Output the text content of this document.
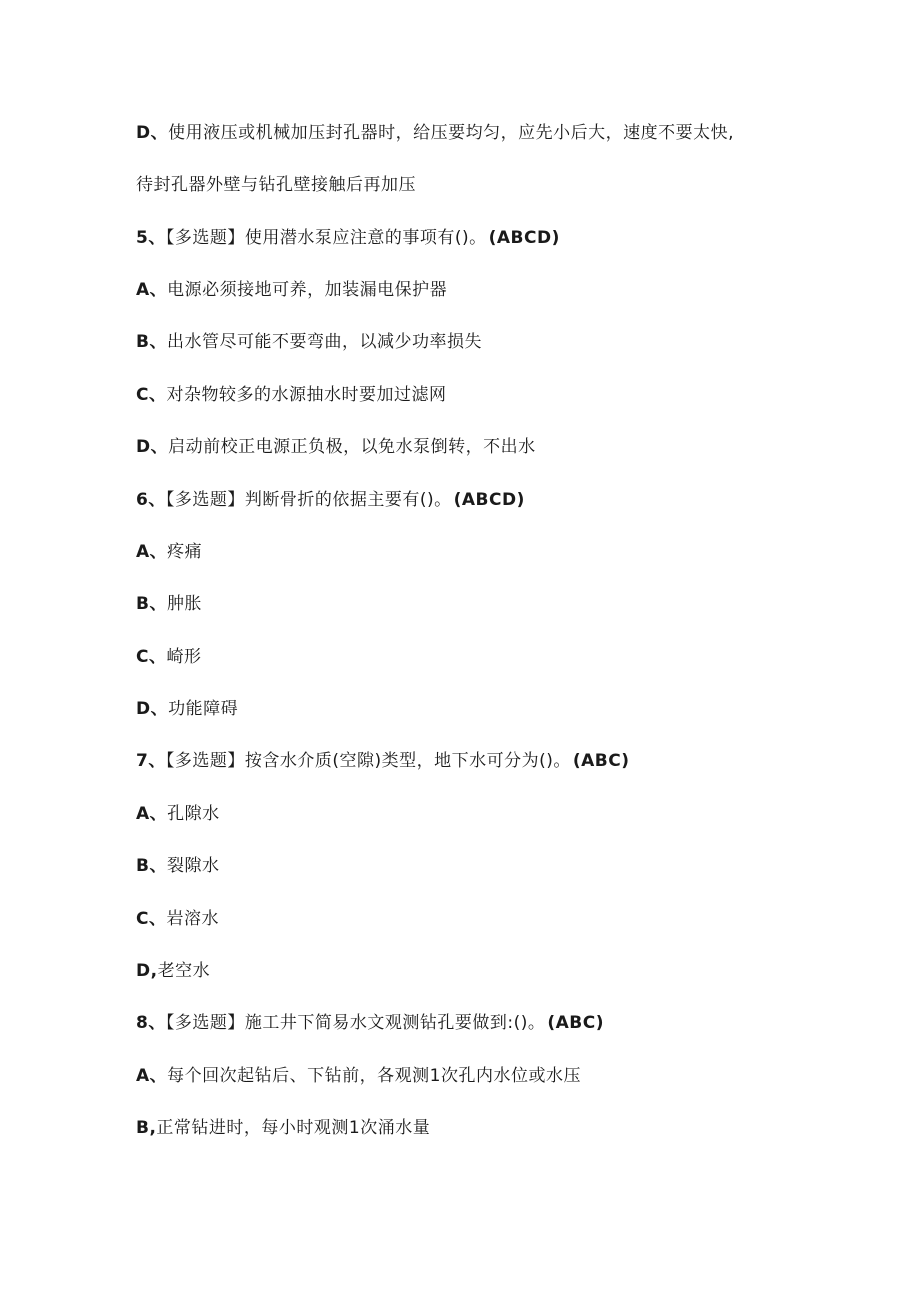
D、使用液压或机械加压封孔器时，给压要均匀，应先小后大，速度不要太快,
待封孔器外壁与钻孔壁接触后再加压
5、【多选题】使用潜水泵应注意的事项有()。 (ABCD)
A、电源必须接地可养，加装漏电保护器
B、出水管尽可能不要弯曲，以减少功率损失
C、对杂物较多的水源抽水时要加过滤网
D、启动前校正电源正负极，以免水泵倒转，不出水
6、【多选题】判断骨折的依据主要有()。 (ABCD)
A、疼痛
B、肿胀
C、崎形
D、功能障碍
7、【多选题】按含水介质(空隙)类型，地下水可分为()。 (ABC)
A、孔隙水
B、裂隙水
C、岩溶水
D,老空水
8、【多选题】施工井下简易水文观测钻孔要做到:()。 (ABC)
A、每个回次起钻后、下钻前，各观测1次孔内水位或水压
B,正常钻进时，每小时观测1次涌水量
